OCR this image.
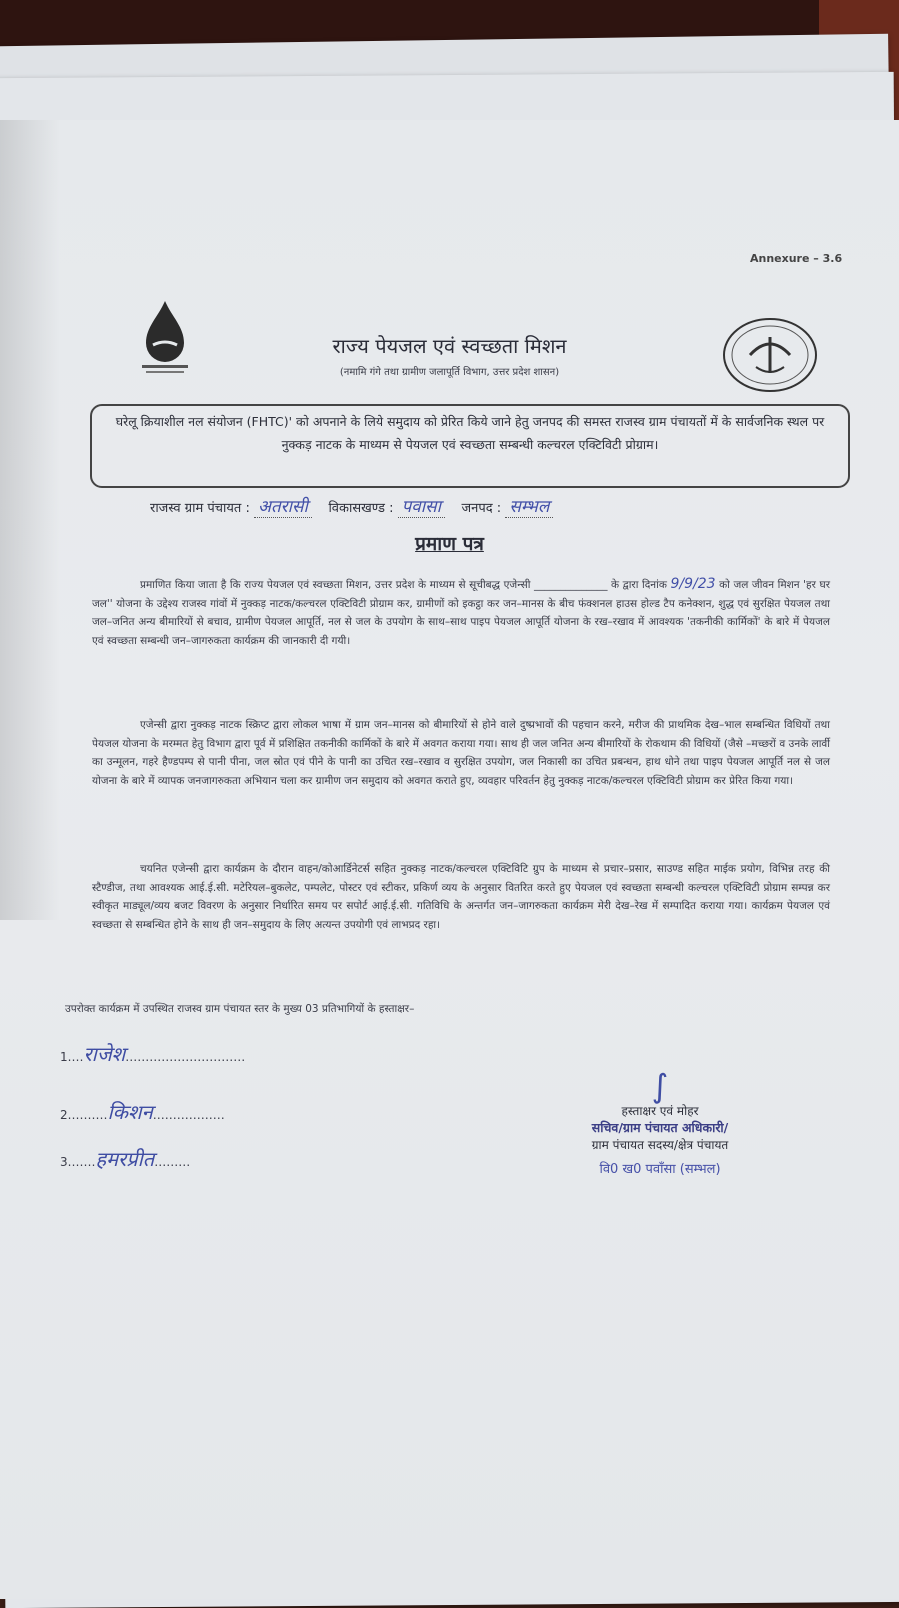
Annexure – 3.6
राज्य पेयजल एवं स्वच्छता मिशन
(नमामि गंगे तथा ग्रामीण जलापूर्ति विभाग, उत्तर प्रदेश शासन)
घरेलू क्रियाशील नल संयोजन (FHTC)' को अपनाने के लिये समुदाय को प्रेरित किये जाने हेतु जनपद की समस्त राजस्व ग्राम पंचायतों में के सार्वजनिक स्थल पर नुक्कड़ नाटक के माध्यम से पेयजल एवं स्वच्छता सम्बन्धी कल्चरल एक्टिविटी प्रोग्राम।
राजस्व ग्राम पंचायत : अतरासी विकासखण्ड : पवासा जनपद : सम्भल
प्रमाण पत्र
प्रमाणित किया जाता है कि राज्य पेयजल एवं स्वच्छता मिशन, उत्तर प्रदेश के माध्यम से सूचीबद्ध एजेन्सी ______________ के द्वारा दिनांक 9/9/23 को जल जीवन मिशन 'हर घर जल'' योजना के उद्देश्य राजस्व गांवों में नुक्कड़ नाटक/कल्चरल एक्टिविटी प्रोग्राम कर, ग्रामीणों को इकट्ठा कर जन–मानस के बीच फंक्शनल हाउस होल्ड टैप कनेक्शन, शुद्ध एवं सुरक्षित पेयजल तथा जल–जनित अन्य बीमारियों से बचाव, ग्रामीण पेयजल आपूर्ति, नल से जल के उपयोग के साथ–साथ पाइप पेयजल आपूर्ति योजना के रख–रखाव में आवश्यक 'तकनीकी कार्मिकों' के बारे में पेयजल एवं स्वच्छता सम्बन्धी जन–जागरुकता कार्यक्रम की जानकारी दी गयी।
एजेन्सी द्वारा नुक्कड़ नाटक स्क्रिप्ट द्वारा लोकल भाषा में ग्राम जन–मानस को बीमारियों से होने वाले दुष्प्रभावों की पहचान करने, मरीज की प्राथमिक देख–भाल सम्बन्धित विधियों तथा पेयजल योजना के मरम्मत हेतु विभाग द्वारा पूर्व में प्रशिक्षित तकनीकी कार्मिकों के बारे में अवगत कराया गया। साथ ही जल जनित अन्य बीमारियों के रोकथाम की विधियों (जैसे –मच्छरों व उनके लार्वी का उन्मूलन, गहरे हैण्डपम्प से पानी पीना, जल स्रोत एवं पीने के पानी का उचित रख–रखाव व सुरक्षित उपयोग, जल निकासी का उचित प्रबन्धन, हाथ धोने तथा पाइप पेयजल आपूर्ति नल से जल योजना के बारे में व्यापक जनजागरुकता अभियान चला कर ग्रामीण जन समुदाय को अवगत कराते हुए, व्यवहार परिवर्तन हेतु नुक्कड़ नाटक/कल्चरल एक्टिविटी प्रोग्राम कर प्रेरित किया गया।
चयनित एजेन्सी द्वारा कार्यक्रम के दौरान वाहन/कोआर्डिनेटर्स सहित नुक्कड़ नाटक/कल्चरल एक्टिविटि ग्रुप के माध्यम से प्रचार–प्रसार, साउण्ड सहित माईक प्रयोग, विभिन्न तरह की स्टैण्डीज, तथा आवश्यक आई.ई.सी. मटेरियल–बुकलेट, पम्पलेट, पोस्टर एवं स्टीकर, प्रकिर्ण व्यय के अनुसार वितरित करते हुए पेयजल एवं स्वच्छता सम्बन्धी कल्चरल एक्टिविटी प्रोग्राम सम्पन्न कर स्वीकृत माड्यूल/व्यय बजट विवरण के अनुसार निर्धारित समय पर सपोर्ट आई.ई.सी. गतिविधि के अन्तर्गत जन–जागरुकता कार्यक्रम मेरी देख–रेख में सम्पादित कराया गया। कार्यक्रम पेयजल एवं स्वच्छता से सम्बन्धित होने के साथ ही जन–समुदाय के लिए अत्यन्त उपयोगी एवं लाभप्रद रहा।
उपरोक्त कार्यक्रम में उपस्थित राजस्व ग्राम पंचायत स्तर के मुख्य 03 प्रतिभागियों के हस्ताक्षर–
1.…राजेश…………………………
2.………किशन………………
3.……हमरप्रीत………
∫
हस्ताक्षर एवं मोहर
सचिव/ग्राम पंचायत अधिकारी/
ग्राम पंचायत सदस्य/क्षेत्र पंचायत
वि0 ख0 पवाँसा (सम्भल)
